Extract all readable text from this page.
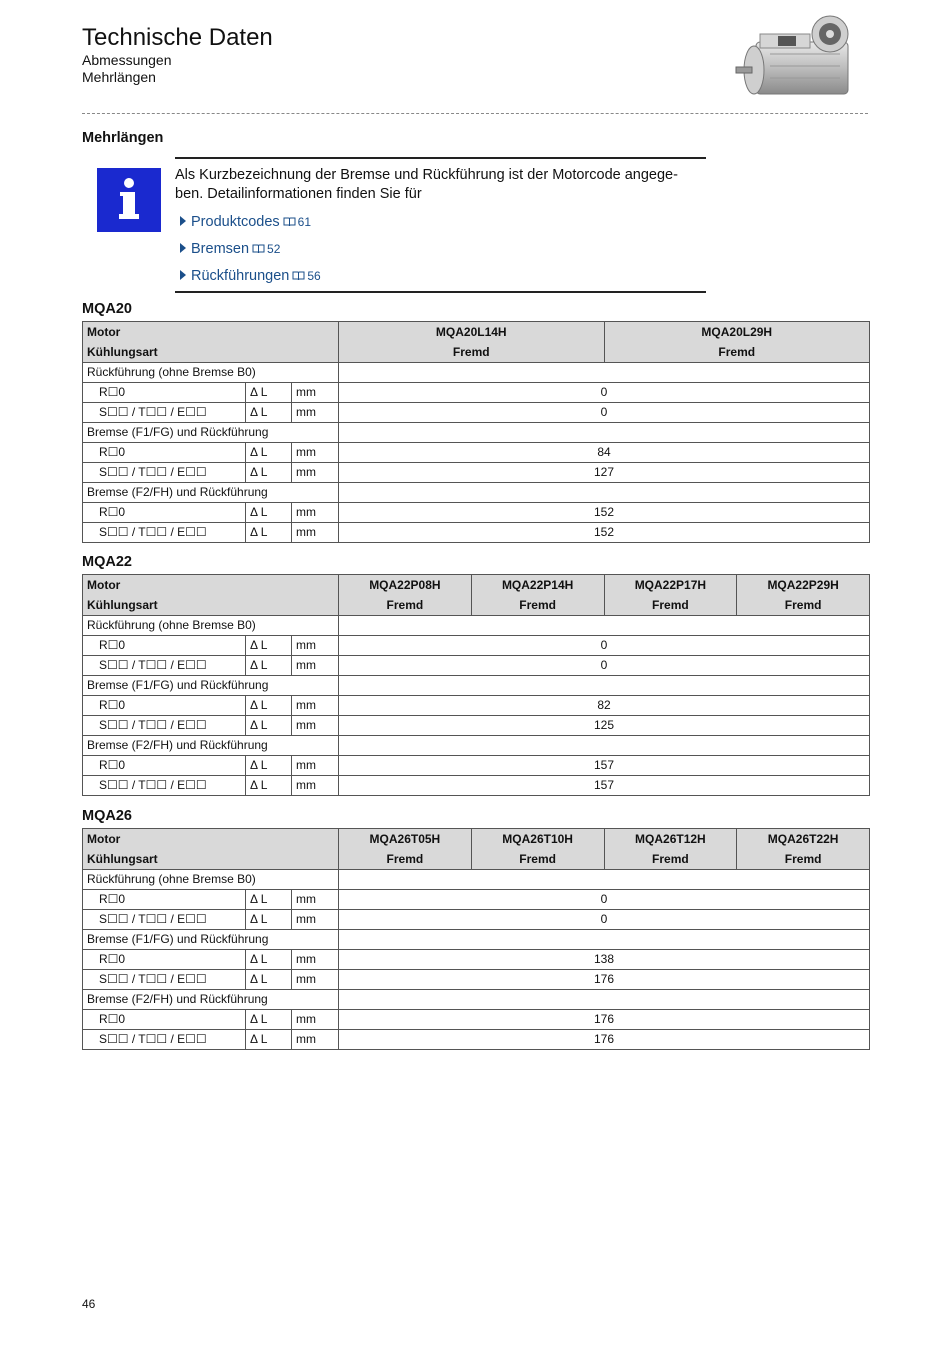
Technische Daten
Abmessungen
Mehrlängen
Mehrlängen
Als Kurzbezeichnung der Bremse und Rückführung ist der Motorcode angege-ben. Detailinformationen finden Sie für
Produktcodes 61
Bremsen 52
Rückführungen 56
MQA20
Motor	MQA20L14H	MQA20L29H
Kühlungsart	Fremd	Fremd
Rückführung (ohne Bremse B0)
R☐0	Δ L	mm	0
S☐☐ / T☐☐ / E☐☐	Δ L	mm	0
Bremse (F1/FG) und Rückführung
R☐0	Δ L	mm	84
S☐☐ / T☐☐ / E☐☐	Δ L	mm	127
Bremse (F2/FH) und Rückführung
R☐0	Δ L	mm	152
S☐☐ / T☐☐ / E☐☐	Δ L	mm	152
MQA22
Motor	MQA22P08H	MQA22P14H	MQA22P17H	MQA22P29H
Kühlungsart	Fremd	Fremd	Fremd	Fremd
Rückführung (ohne Bremse B0)
R☐0	Δ L	mm	0
S☐☐ / T☐☐ / E☐☐	Δ L	mm	0
Bremse (F1/FG) und Rückführung
R☐0	Δ L	mm	82
S☐☐ / T☐☐ / E☐☐	Δ L	mm	125
Bremse (F2/FH) und Rückführung
R☐0	Δ L	mm	157
S☐☐ / T☐☐ / E☐☐	Δ L	mm	157
MQA26
Motor	MQA26T05H	MQA26T10H	MQA26T12H	MQA26T22H
Kühlungsart	Fremd	Fremd	Fremd	Fremd
Rückführung (ohne Bremse B0)
R☐0	Δ L	mm	0
S☐☐ / T☐☐ / E☐☐	Δ L	mm	0
Bremse (F1/FG) und Rückführung
R☐0	Δ L	mm	138
S☐☐ / T☐☐ / E☐☐	Δ L	mm	176
Bremse (F2/FH) und Rückführung
R☐0	Δ L	mm	176
S☐☐ / T☐☐ / E☐☐	Δ L	mm	176
46
